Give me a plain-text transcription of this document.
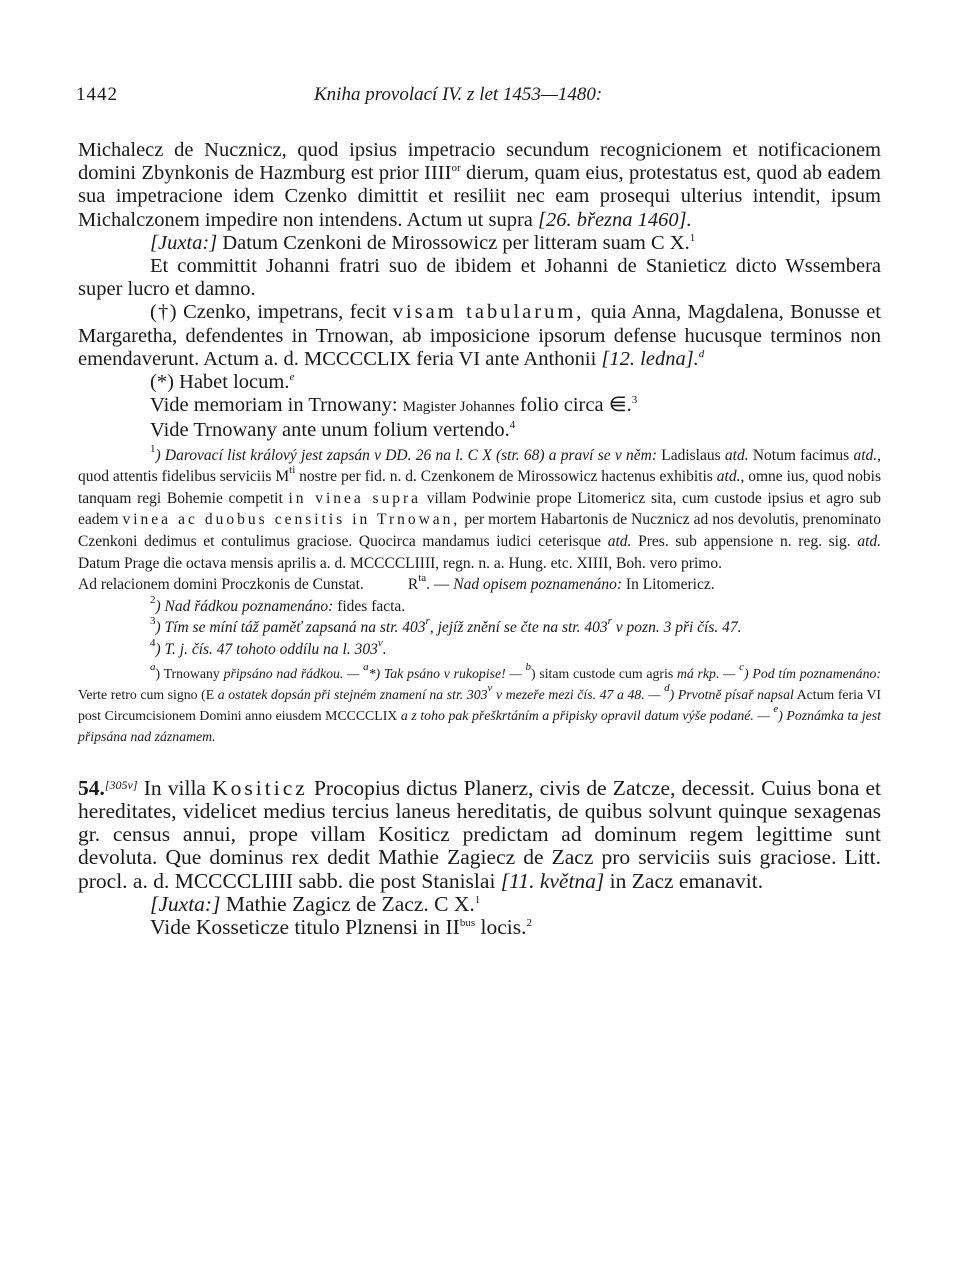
1442	Kniha provolací IV. z let 1453—1480:

Michalecz de Nucznicz, quod ipsius impetracio secundum recognicionem et notificacionem domini Zbynkonis de Hazmburg est prior $IIII^{or}$ dierum, quam eius, protestatus est, quod ab eadem sua impetracione idem Czenko dimittit et resiliit nec eam prosequi ulterius intendit, ipsum Michalczonem impedire non intendens. Actum ut supra [26. března 1460].

[Juxta:] Datum Czenkoni de Mirossowicz per litteram suam C X.$^1$

Et committit Johanni fratri suo de ibidem et Johanni de Stanieticz dicto Wssembera super lucro et damno.

(†) Czenko, impetrans, fecit visam tabularum, quia Anna, Magdalena, Bonusse et Margaretha, defendentes in Trnowan, ab imposicione ipsorum defense hucusque terminos non emendaverunt. Actum a. d. MCCCCLIX feria VI ante Anthonii [12. ledna].$^d$

(*) Habet locum.$^e$

Vide memoriam in Trnowany: Magister Johannes folio circa ⋹.$^3$

Vide Trnowany ante unum folium vertendo.$^4$

$^1$) Darovací list králový jest zapsán v DD. 26 na l. C X (str. 68) a praví se v něm: Ladislaus atd. Notum facimus atd., quod attentis fidelibus serviciis $M^{ti}$ nostre per fid. n. d. Czenkonem de Mirossowicz hactenus exhibitis atd., omne ius, quod nobis tanquam regi Bohemie competit in vinea supra villam Podwinie prope Litomericz sita, cum custode ipsius et agro sub eadem vinea ac duobus censitis in Trnowan, per mortem Habartonis de Nucznicz ad nos devolutis, prenominato Czenkoni dedimus et contulimus graciose. Quocirca mandamus iudici ceterisque atd. Pres. sub appensione n. reg. sig. atd. Datum Prage die octava mensis aprilis a. d. MCCCCLIIII, regn. n. a. Hung. etc. XIIII, Boh. vero primo.

Ad relacionem domini Proczkonis de Cunstat.	$R^{ta}$. — Nad opisem poznamenáno: In Litomericz.

$^2$) Nad řádkou poznamenáno: fides facta.

$^3$) Tím se míní táž paměť zapsaná na str. 403$^r$, jejíž znění se čte na str. 403$^r$ v pozn. 3 při čís. 47.

$^4$) T. j. čís. 47 tohoto oddílu na l. 303$^v$.

$^a$) Trnowany připsáno nad řádkou. — $^a$*) Tak psáno v rukopise! — $^b$) sitam custode cum agris má rkp. — $^c$) Pod tím poznamenáno: Verte retro cum signo (E a ostatek dopsán při stejném znamení na str. 303$^v$ v mezeře mezi čís. 47 a 48. — $^d$) Prvotně písař napsal Actum feria VI post Circumcisionem Domini anno eiusdem MCCCCLIX a z toho pak přeškrtáním a připisky opravil datum výše podané. — $^e$) Poznámka ta jest připsána nad záznamem.

54.[305v] In villa Kositicz Procopius dictus Planerz, civis de Zatcze, decessit. Cuius bona et hereditates, videlicet medius tercius laneus hereditatis, de quibus solvunt quinque sexagenas gr. census annui, prope villam Kositicz predictam ad dominum regem legittime sunt devoluta. Que dominus rex dedit Mathie Zagiecz de Zacz pro serviciis suis graciose. Litt. procl. a. d. MCCCCLIIII sabb. die post Stanislai [11. května] in Zacz emanavit.

[Juxta:] Mathie Zagicz de Zacz. C X.$^1$

Vide Kosseticze titulo Plznensi in $II^{bus}$ locis.$^2$
